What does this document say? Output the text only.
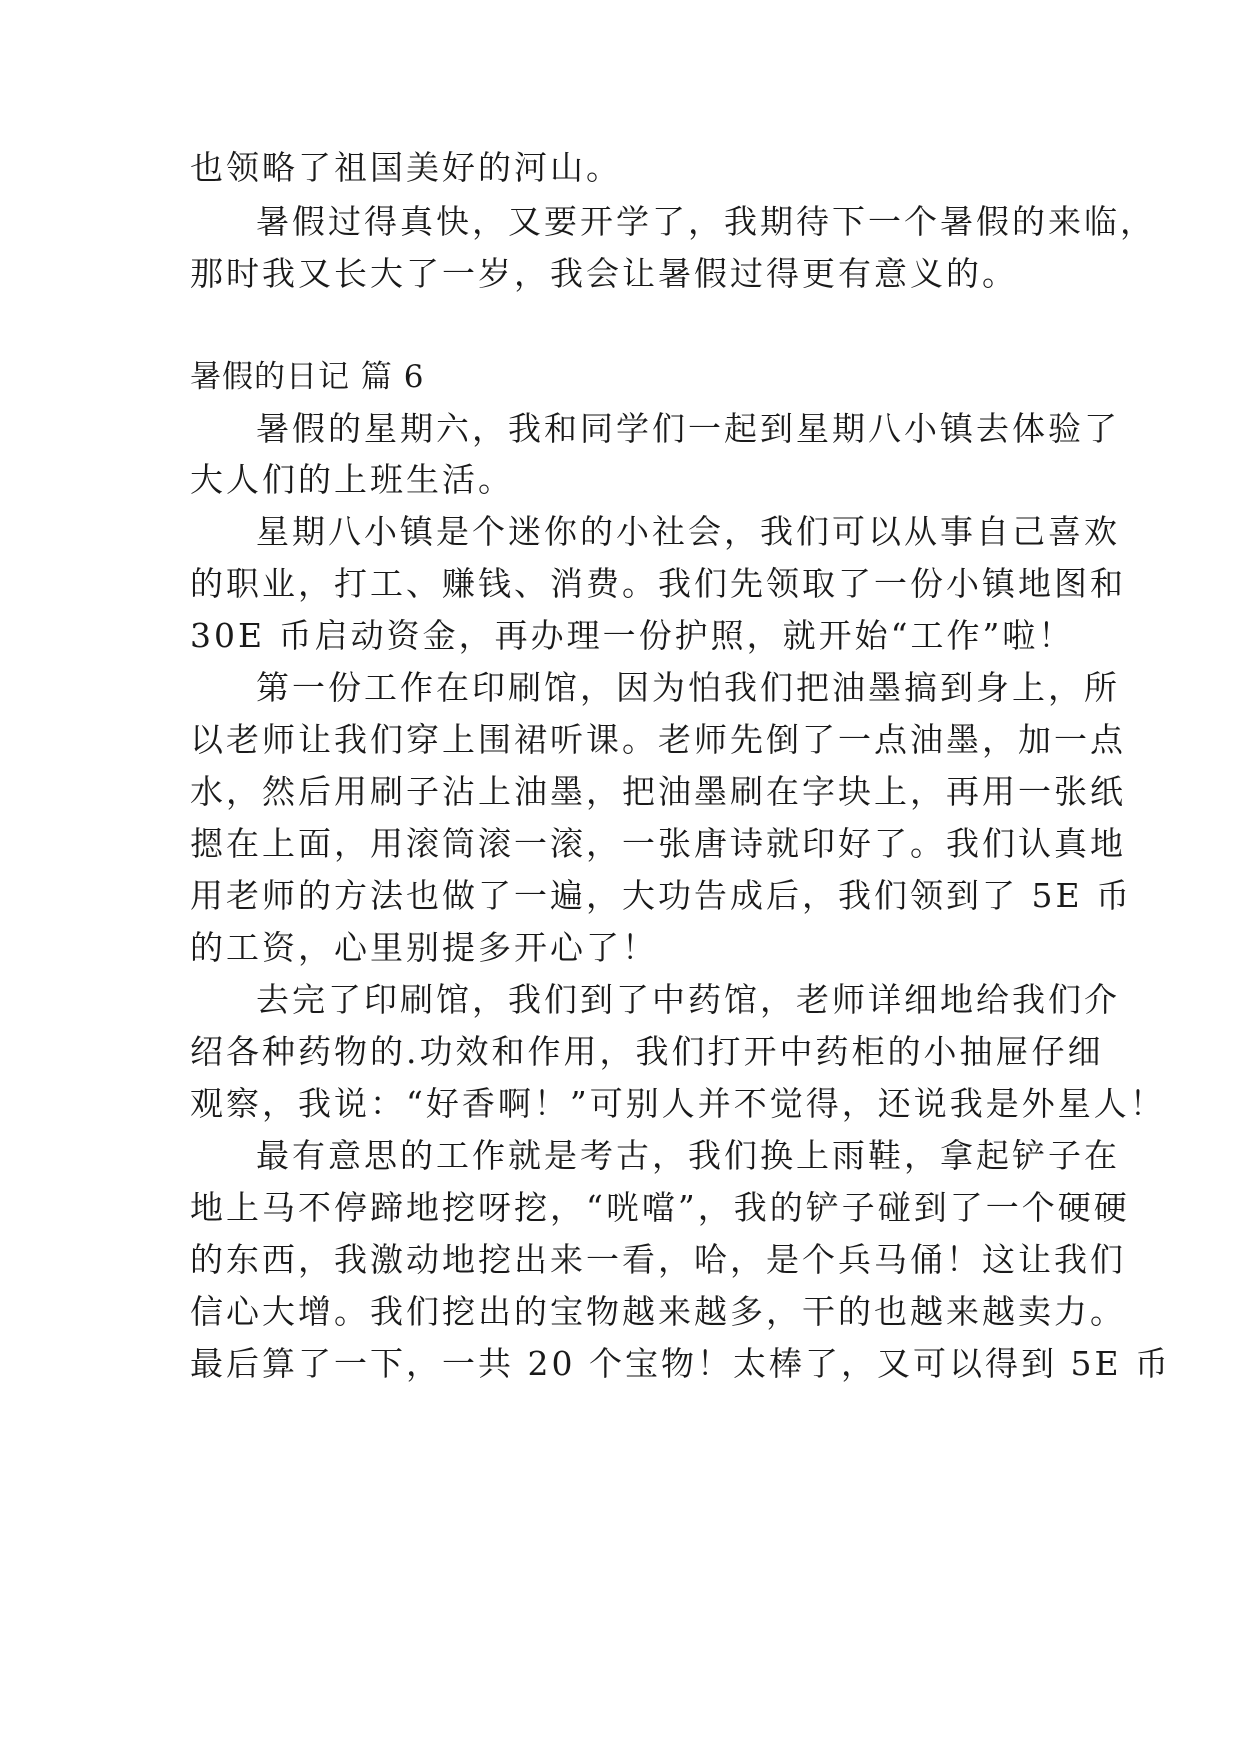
也领略了祖国美好的河山。
暑假过得真快，又要开学了，我期待下一个暑假的来临，
那时我又长大了一岁，我会让暑假过得更有意义的。
暑假的日记 篇 6
暑假的星期六，我和同学们一起到星期八小镇去体验了
大人们的上班生活。
星期八小镇是个迷你的小社会，我们可以从事自己喜欢
的职业，打工、赚钱、消费。我们先领取了一份小镇地图和
30E 币启动资金，再办理一份护照，就开始“工作”啦！
第一份工作在印刷馆，因为怕我们把油墨搞到身上，所
以老师让我们穿上围裙听课。老师先倒了一点油墨，加一点
水，然后用刷子沾上油墨，把油墨刷在字块上，再用一张纸
摁在上面，用滚筒滚一滚，一张唐诗就印好了。我们认真地
用老师的方法也做了一遍，大功告成后，我们领到了 5E 币
的工资，心里别提多开心了！
去完了印刷馆，我们到了中药馆，老师详细地给我们介
绍各种药物的.功效和作用，我们打开中药柜的小抽屉仔细
观察，我说：“好香啊！”可别人并不觉得，还说我是外星人！
最有意思的工作就是考古，我们换上雨鞋，拿起铲子在
地上马不停蹄地挖呀挖，“咣噹”，我的铲子碰到了一个硬硬
的东西，我激动地挖出来一看，哈，是个兵马俑！这让我们
信心大增。我们挖出的宝物越来越多，干的也越来越卖力。
最后算了一下，一共 20 个宝物！太棒了，又可以得到 5E 币
